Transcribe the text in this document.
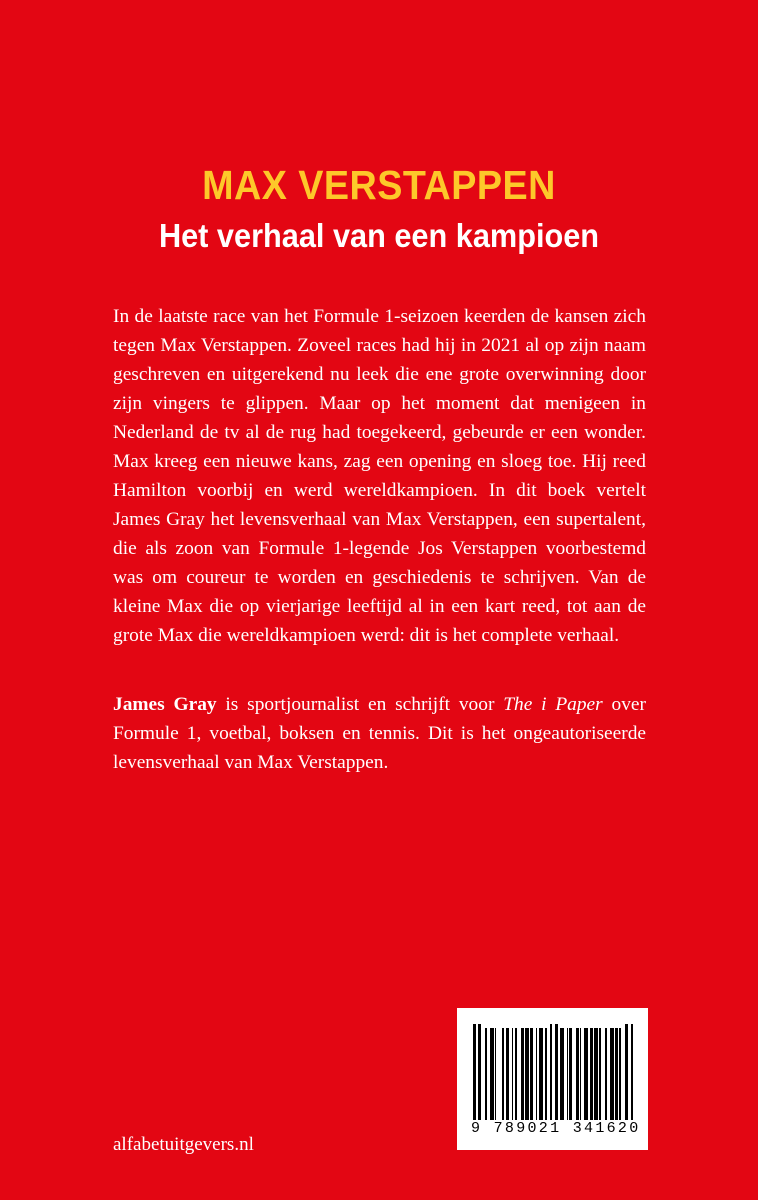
MAX VERSTAPPEN
Het verhaal van een kampioen

In de laatste race van het Formule 1-seizoen keerden de kansen zich tegen Max Verstappen. Zoveel races had hij in 2021 al op zijn naam geschreven en uitgerekend nu leek die ene grote overwinning door zijn vingers te glippen. Maar op het moment dat menigeen in Nederland de tv al de rug had toegekeerd, gebeurde er een wonder. Max kreeg een nieuwe kans, zag een opening en sloeg toe. Hij reed Hamilton voorbij en werd wereldkampioen. In dit boek vertelt James Gray het levensverhaal van Max Verstappen, een supertalent, die als zoon van Formule 1-legende Jos Verstappen voorbestemd was om coureur te worden en geschiedenis te schrijven. Van de kleine Max die op vierjarige leeftijd al in een kart reed, tot aan de grote Max die wereldkampioen werd: dit is het complete verhaal.

James Gray is sportjournalist en schrijft voor The i Paper over Formule 1, voetbal, boksen en tennis. Dit is het ongeautoriseerde levensverhaal van Max Verstappen.

9 789021 341620
alfabetuitgevers.nl
